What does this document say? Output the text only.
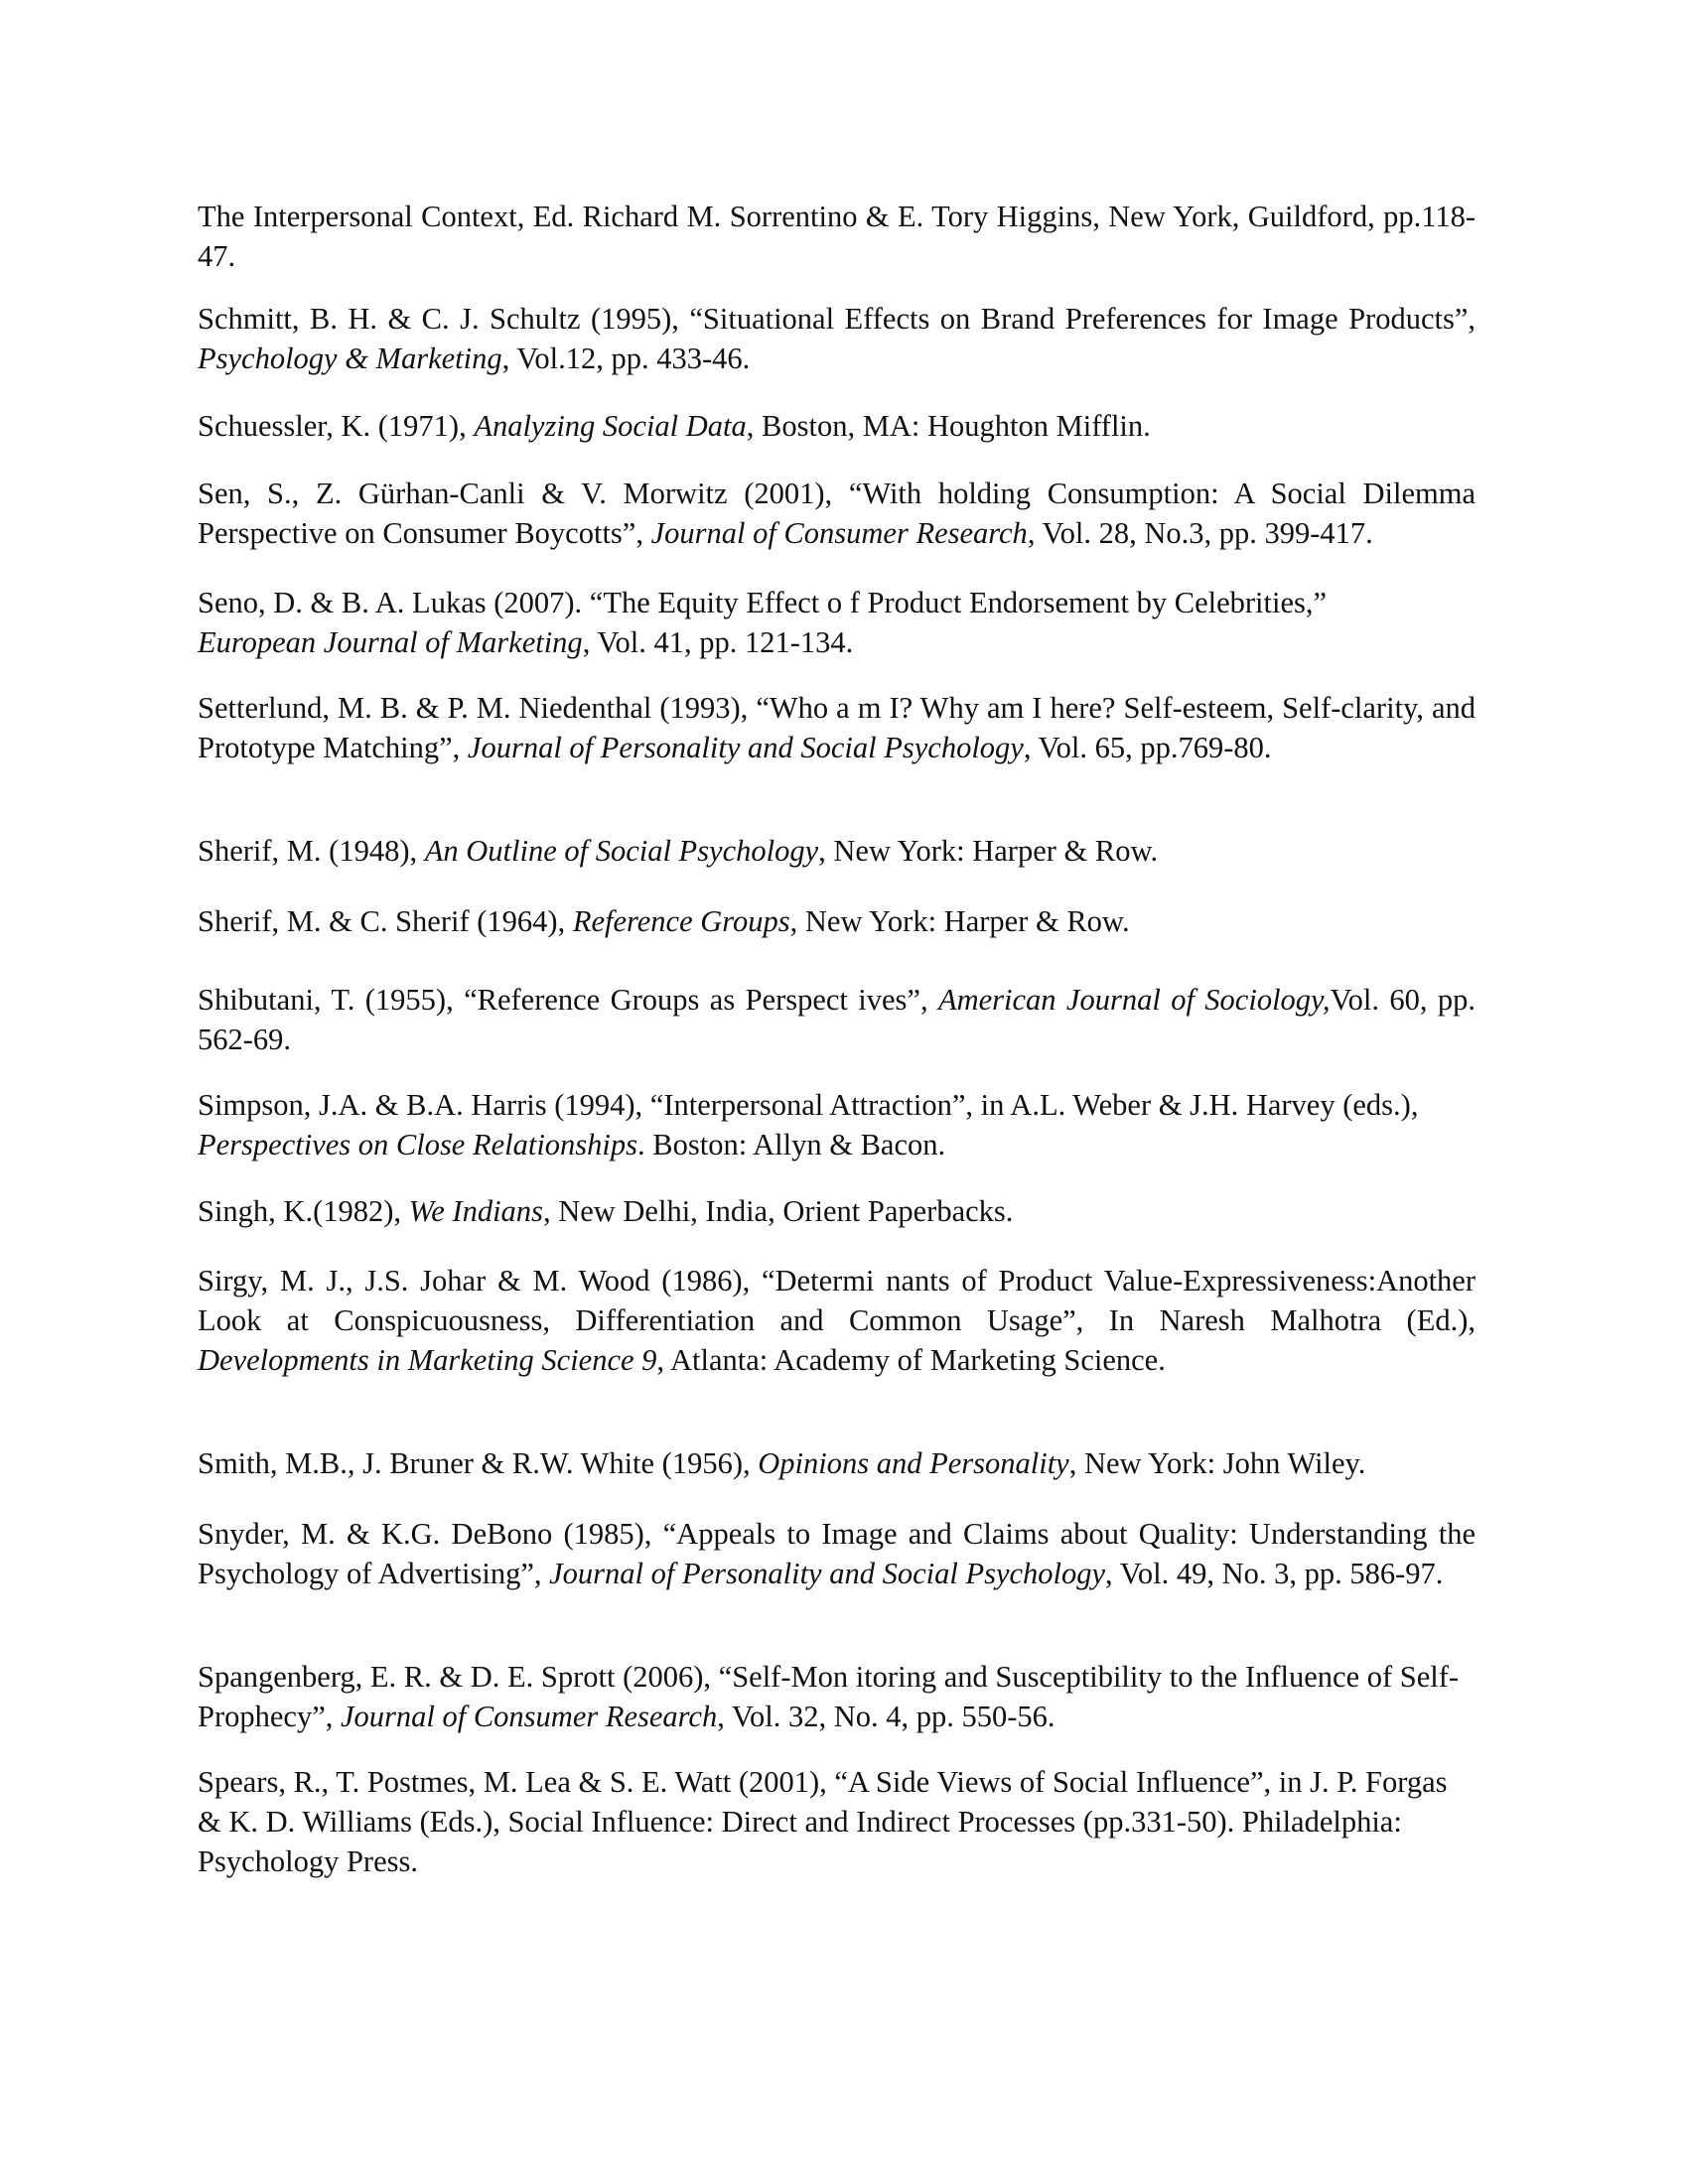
The Interpersonal Context, Ed. Richard M. Sorrentino & E. Tory Higgins, New York, Guildford, pp.118-47.

Schmitt, B. H. & C. J. Schultz (1995), “Situational Effects on Brand Preferences for Image Products”, Psychology & Marketing, Vol.12, pp. 433-46.

Schuessler, K. (1971), Analyzing Social Data, Boston, MA: Houghton Mifflin.

Sen, S., Z. Gürhan-Canli & V. Morwitz (2001), “With holding Consumption: A Social Dilemma Perspective on Consumer Boycotts”, Journal of Consumer Research, Vol. 28, No.3, pp. 399-417.

Seno, D. & B. A. Lukas (2007). “The Equity Effect o f Product Endorsement by Celebrities,” European Journal of Marketing, Vol. 41, pp. 121-134.

Setterlund, M. B. & P. M. Niedenthal (1993), “Who a m I? Why am I here? Self-esteem, Self-clarity, and Prototype Matching”, Journal of Personality and Social Psychology, Vol. 65, pp.769-80.

Sherif, M. (1948), An Outline of Social Psychology, New York: Harper & Row.

Sherif, M. & C. Sherif (1964), Reference Groups, New York: Harper & Row.

Shibutani, T. (1955), “Reference Groups as Perspect ives”, American Journal of Sociology,Vol. 60, pp. 562-69.

Simpson, J.A. & B.A. Harris (1994), “Interpersonal Attraction”, in A.L. Weber & J.H. Harvey (eds.), Perspectives on Close Relationships. Boston: Allyn & Bacon.

Singh, K.(1982), We Indians, New Delhi, India, Orient Paperbacks.

Sirgy, M. J., J.S. Johar & M. Wood (1986), “Determi nants of Product Value-Expressiveness:Another Look at Conspicuousness, Differentiation and Common Usage”, In Naresh Malhotra (Ed.), Developments in Marketing Science 9, Atlanta: Academy of Marketing Science.

Smith, M.B., J. Bruner & R.W. White (1956), Opinions and Personality, New York: John Wiley.

Snyder, M. & K.G. DeBono (1985), “Appeals to Image and Claims about Quality: Understanding the Psychology of Advertising”, Journal of Personality and Social Psychology, Vol. 49, No. 3, pp. 586-97.

Spangenberg, E. R. & D. E. Sprott (2006), “Self-Mon itoring and Susceptibility to the Influence of Self-Prophecy”, Journal of Consumer Research, Vol. 32, No. 4, pp. 550-56.

Spears, R., T. Postmes, M. Lea & S. E. Watt (2001), “A Side Views of Social Influence”, in J. P. Forgas & K. D. Williams (Eds.), Social Influence: Direct and Indirect Processes (pp.331-50). Philadelphia: Psychology Press.
